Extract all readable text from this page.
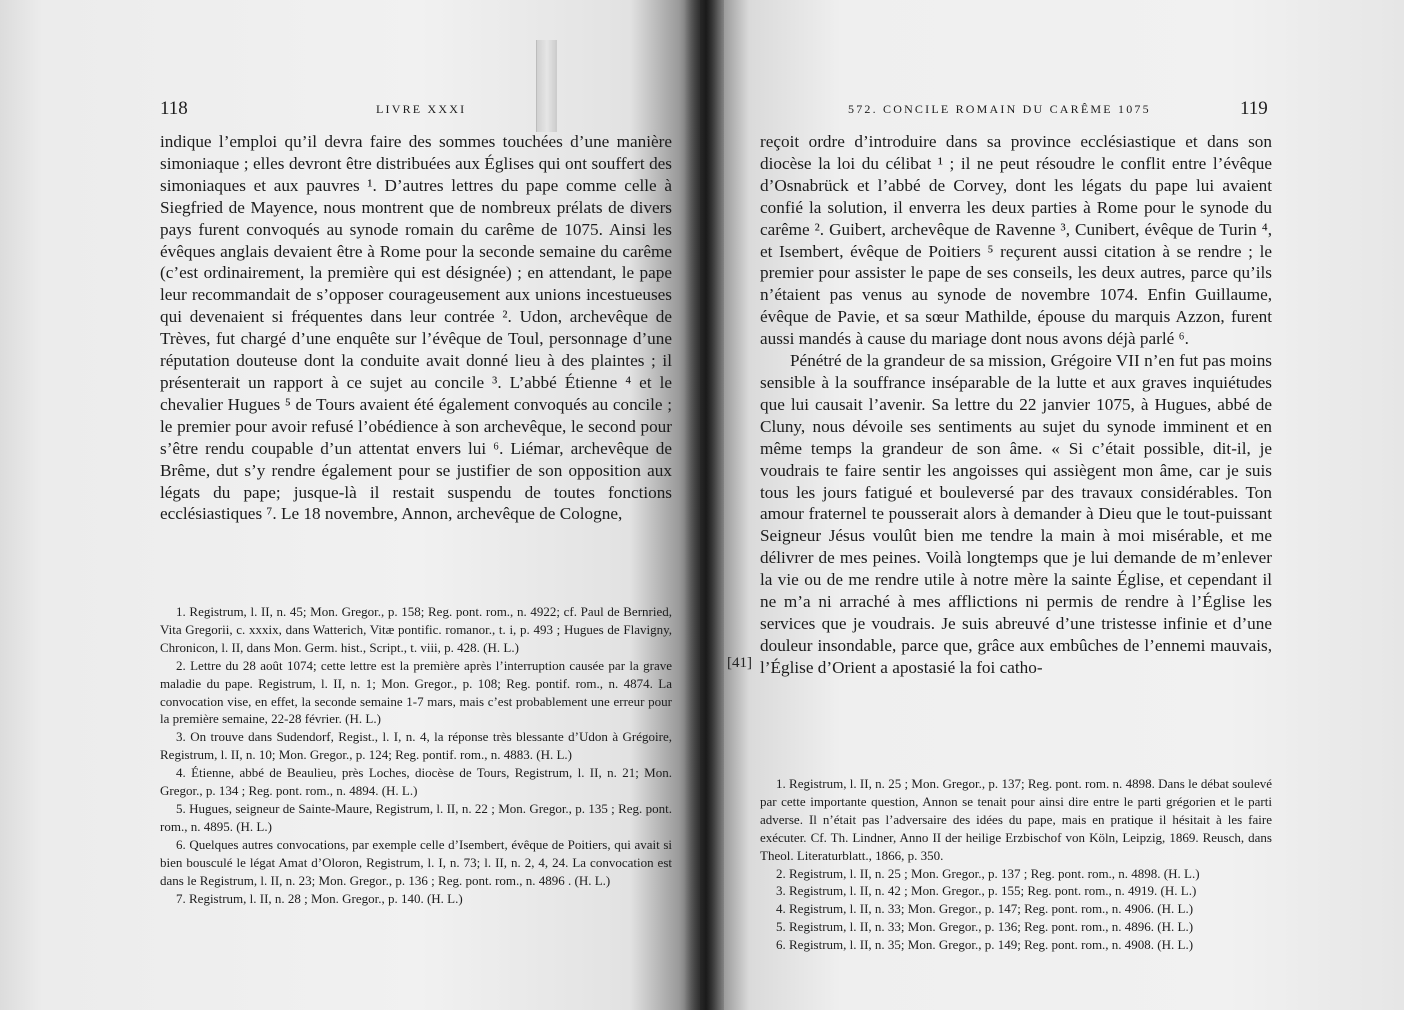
118	LIVRE XXXI
indique l’emploi qu’il devra faire des sommes touchées d’une manière simoniaque ; elles devront être distribuées aux Églises qui ont souffert des simoniaques et aux pauvres ¹. D’autres lettres du pape comme celle à Siegfried de Mayence, nous montrent que de nombreux prélats de divers pays furent convoqués au synode romain du carême de 1075. Ainsi les évêques anglais devaient être à Rome pour la seconde semaine du carême (c’est ordinairement, la première qui est désignée) ; en attendant, le pape leur recommandait de s’opposer courageusement aux unions incestueuses qui devenaient si fréquentes dans leur contrée ². Udon, archevêque de Trèves, fut chargé d’une enquête sur l’évêque de Toul, personnage d’une réputation douteuse dont la conduite avait donné lieu à des plaintes ; il présenterait un rapport à ce sujet au concile ³. L’abbé Étienne ⁴ et le chevalier Hugues ⁵ de Tours avaient été également convoqués au concile ; le premier pour avoir refusé l’obédience à son archevêque, le second pour s’être rendu coupable d’un attentat envers lui ⁶. Liémar, archevêque de Brême, dut s’y rendre également pour se justifier de son opposition aux légats du pape; jusque-là il restait suspendu de toutes fonctions ecclésiastiques ⁷. Le 18 novembre, Annon, archevêque de Cologne,

1. Registrum, l. II, n. 45; Mon. Gregor., p. 158; Reg. pont. rom., n. 4922; cf. Paul de Bernried, Vita Gregorii, c. xxxix, dans Watterich, Vitæ pontific. romanor., t. i, p. 493 ; Hugues de Flavigny, Chronicon, l. II, dans Mon. Germ. hist., Script., t. viii, p. 428. (H. L.)

2. Lettre du 28 août 1074; cette lettre est la première après l’interruption causée par la grave maladie du pape. Registrum, l. II, n. 1; Mon. Gregor., p. 108; Reg. pontif. rom., n. 4874. La convocation vise, en effet, la seconde semaine 1-7 mars, mais c’est probablement une erreur pour la première semaine, 22-28 février. (H. L.)

3. On trouve dans Sudendorf, Regist., l. I, n. 4, la réponse très blessante d’Udon à Grégoire, Registrum, l. II, n. 10; Mon. Gregor., p. 124; Reg. pontif. rom., n. 4883. (H. L.)

4. Étienne, abbé de Beaulieu, près Loches, diocèse de Tours, Registrum, l. II, n. 21; Mon. Gregor., p. 134 ; Reg. pont. rom., n. 4894. (H. L.)

5. Hugues, seigneur de Sainte-Maure, Registrum, l. II, n. 22 ; Mon. Gregor., p. 135 ; Reg. pont. rom., n. 4895. (H. L.)

6. Quelques autres convocations, par exemple celle d’Isembert, évêque de Poitiers, qui avait si bien bousculé le légat Amat d’Oloron, Registrum, l. I, n. 73; l. II, n. 2, 4, 24. La convocation est dans le Registrum, l. II, n. 23; Mon. Gregor., p. 136 ; Reg. pont. rom., n. 4896 . (H. L.)

7. Registrum, l. II, n. 28 ; Mon. Gregor., p. 140. (H. L.)

572. CONCILE ROMAIN DU CARÊME 1075	119
[41]
reçoit ordre d’introduire dans sa province ecclésiastique et dans son diocèse la loi du célibat ¹ ; il ne peut résoudre le conflit entre l’évêque d’Osnabrück et l’abbé de Corvey, dont les légats du pape lui avaient confié la solution, il enverra les deux parties à Rome pour le synode du carême ². Guibert, archevêque de Ravenne ³, Cunibert, évêque de Turin ⁴, et Isembert, évêque de Poitiers ⁵ reçurent aussi citation à se rendre ; le premier pour assister le pape de ses conseils, les deux autres, parce qu’ils n’étaient pas venus au synode de novembre 1074. Enfin Guillaume, évêque de Pavie, et sa sœur Mathilde, épouse du marquis Azzon, furent aussi mandés à cause du mariage dont nous avons déjà parlé ⁶.
Pénétré de la grandeur de sa mission, Grégoire VII n’en fut pas moins sensible à la souffrance inséparable de la lutte et aux graves inquiétudes que lui causait l’avenir. Sa lettre du 22 janvier 1075, à Hugues, abbé de Cluny, nous dévoile ses sentiments au sujet du synode imminent et en même temps la grandeur de son âme. « Si c’était possible, dit-il, je voudrais te faire sentir les angoisses qui assiègent mon âme, car je suis tous les jours fatigué et bouleversé par des travaux considérables. Ton amour fraternel te pousserait alors à demander à Dieu que le tout-puissant Seigneur Jésus voulût bien me tendre la main à moi misérable, et me délivrer de mes peines. Voilà longtemps que je lui demande de m’enlever la vie ou de me rendre utile à notre mère la sainte Église, et cependant il ne m’a ni arraché à mes afflictions ni permis de rendre à l’Église les services que je voudrais. Je suis abreuvé d’une tristesse infinie et d’une douleur insondable, parce que, grâce aux embûches de l’ennemi mauvais, l’Église d’Orient a apostasié la foi catho-

1. Registrum, l. II, n. 25 ; Mon. Gregor., p. 137; Reg. pont. rom. n. 4898. Dans le débat soulevé par cette importante question, Annon se tenait pour ainsi dire entre le parti grégorien et le parti adverse. Il n’était pas l’adversaire des idées du pape, mais en pratique il hésitait à les faire exécuter. Cf. Th. Lindner, Anno II der heilige Erzbischof von Köln, Leipzig, 1869. Reusch, dans Theol. Literaturblatt., 1866, p. 350.

2. Registrum, l. II, n. 25 ; Mon. Gregor., p. 137 ; Reg. pont. rom., n. 4898. (H. L.)

3. Registrum, l. II, n. 42 ; Mon. Gregor., p. 155; Reg. pont. rom., n. 4919. (H. L.)

4. Registrum, l. II, n. 33; Mon. Gregor., p. 147; Reg. pont. rom., n. 4906. (H. L.)

5. Registrum, l. II, n. 33; Mon. Gregor., p. 136; Reg. pont. rom., n. 4896. (H. L.)

6. Registrum, l. II, n. 35; Mon. Gregor., p. 149; Reg. pont. rom., n. 4908. (H. L.)
